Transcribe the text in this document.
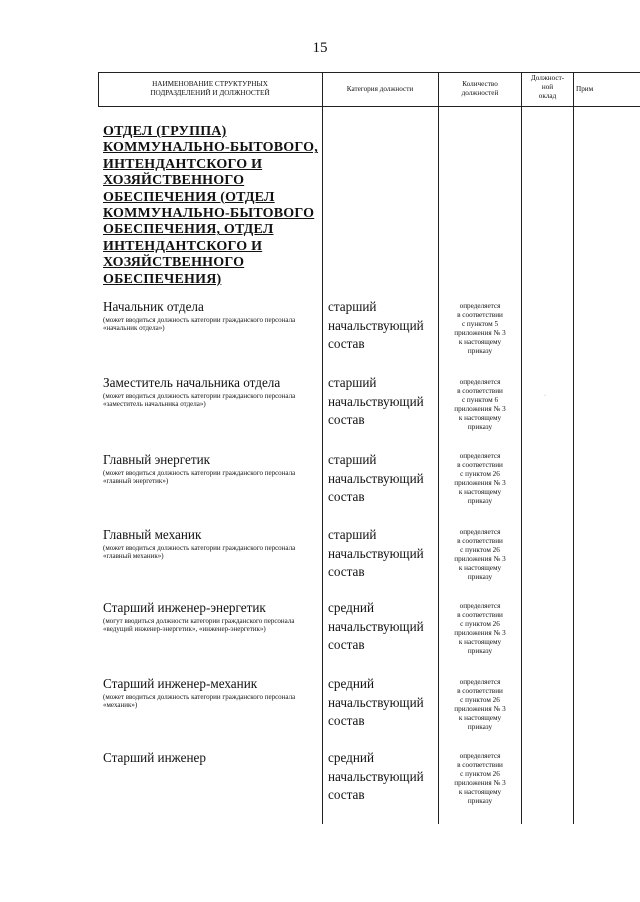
15
НАИМЕНОВАНИЕ СТРУКТУРНЫХ
ПОДРАЗДЕЛЕНИЙ И ДОЛЖНОСТЕЙ	Категория должности
Количество
должностей
Должност-
ной
оклад
Прим
ОТДЕЛ (ГРУППА) КОММУНАЛЬНО-БЫТОВОГО, ИНТЕНДАНТСКОГО И ХОЗЯЙСТВЕННОГО ОБЕСПЕЧЕНИЯ (ОТДЕЛ КОММУНАЛЬНО-БЫТОВОГО ОБЕСПЕЧЕНИЯ, ОТДЕЛ ИНТЕНДАНТСКОГО И ХОЗЯЙСТВЕННОГО ОБЕСПЕЧЕНИЯ)
Начальник отдела
(может вводиться должность категории гражданского персонала «начальник отдела»)
старший
начальствующий
состав
определяется
в соответствии
с пунктом 5
приложения № 3
к настоящему
приказу
Заместитель начальника отдела
(может вводиться должность категории гражданского персонала «заместитель начальника отдела»)
старший
начальствующий
состав
определяется
в соответствии
с пунктом 6
приложения № 3
к настоящему
приказу
Главный энергетик
(может вводиться должность категории гражданского персонала «главный энергетик»)
старший
начальствующий
состав
определяется
в соответствии
с пунктом 26
приложения № 3
к настоящему
приказу
Главный механик
(может вводиться должность категории гражданского персонала «главный механик»)
старший
начальствующий
состав
определяется
в соответствии
с пунктом 26
приложения № 3
к настоящему
приказу
Старший инженер-энергетик
(могут вводиться должности категории гражданского персонала «ведущий инженер-энергетик», «инженер-энергетик»)
средний
начальствующий
состав
определяется
в соответствии
с пунктом 26
приложения № 3
к настоящему
приказу
Старший инженер-механик
(может вводиться должность категории гражданского персонала «механик»)
средний
начальствующий
состав
определяется
в соответствии
с пунктом 26
приложения № 3
к настоящему
приказу
Старший инженер	средний
начальствующий
состав
определяется
в соответствии
с пунктом 26
приложения № 3
к настоящему
приказу
·
